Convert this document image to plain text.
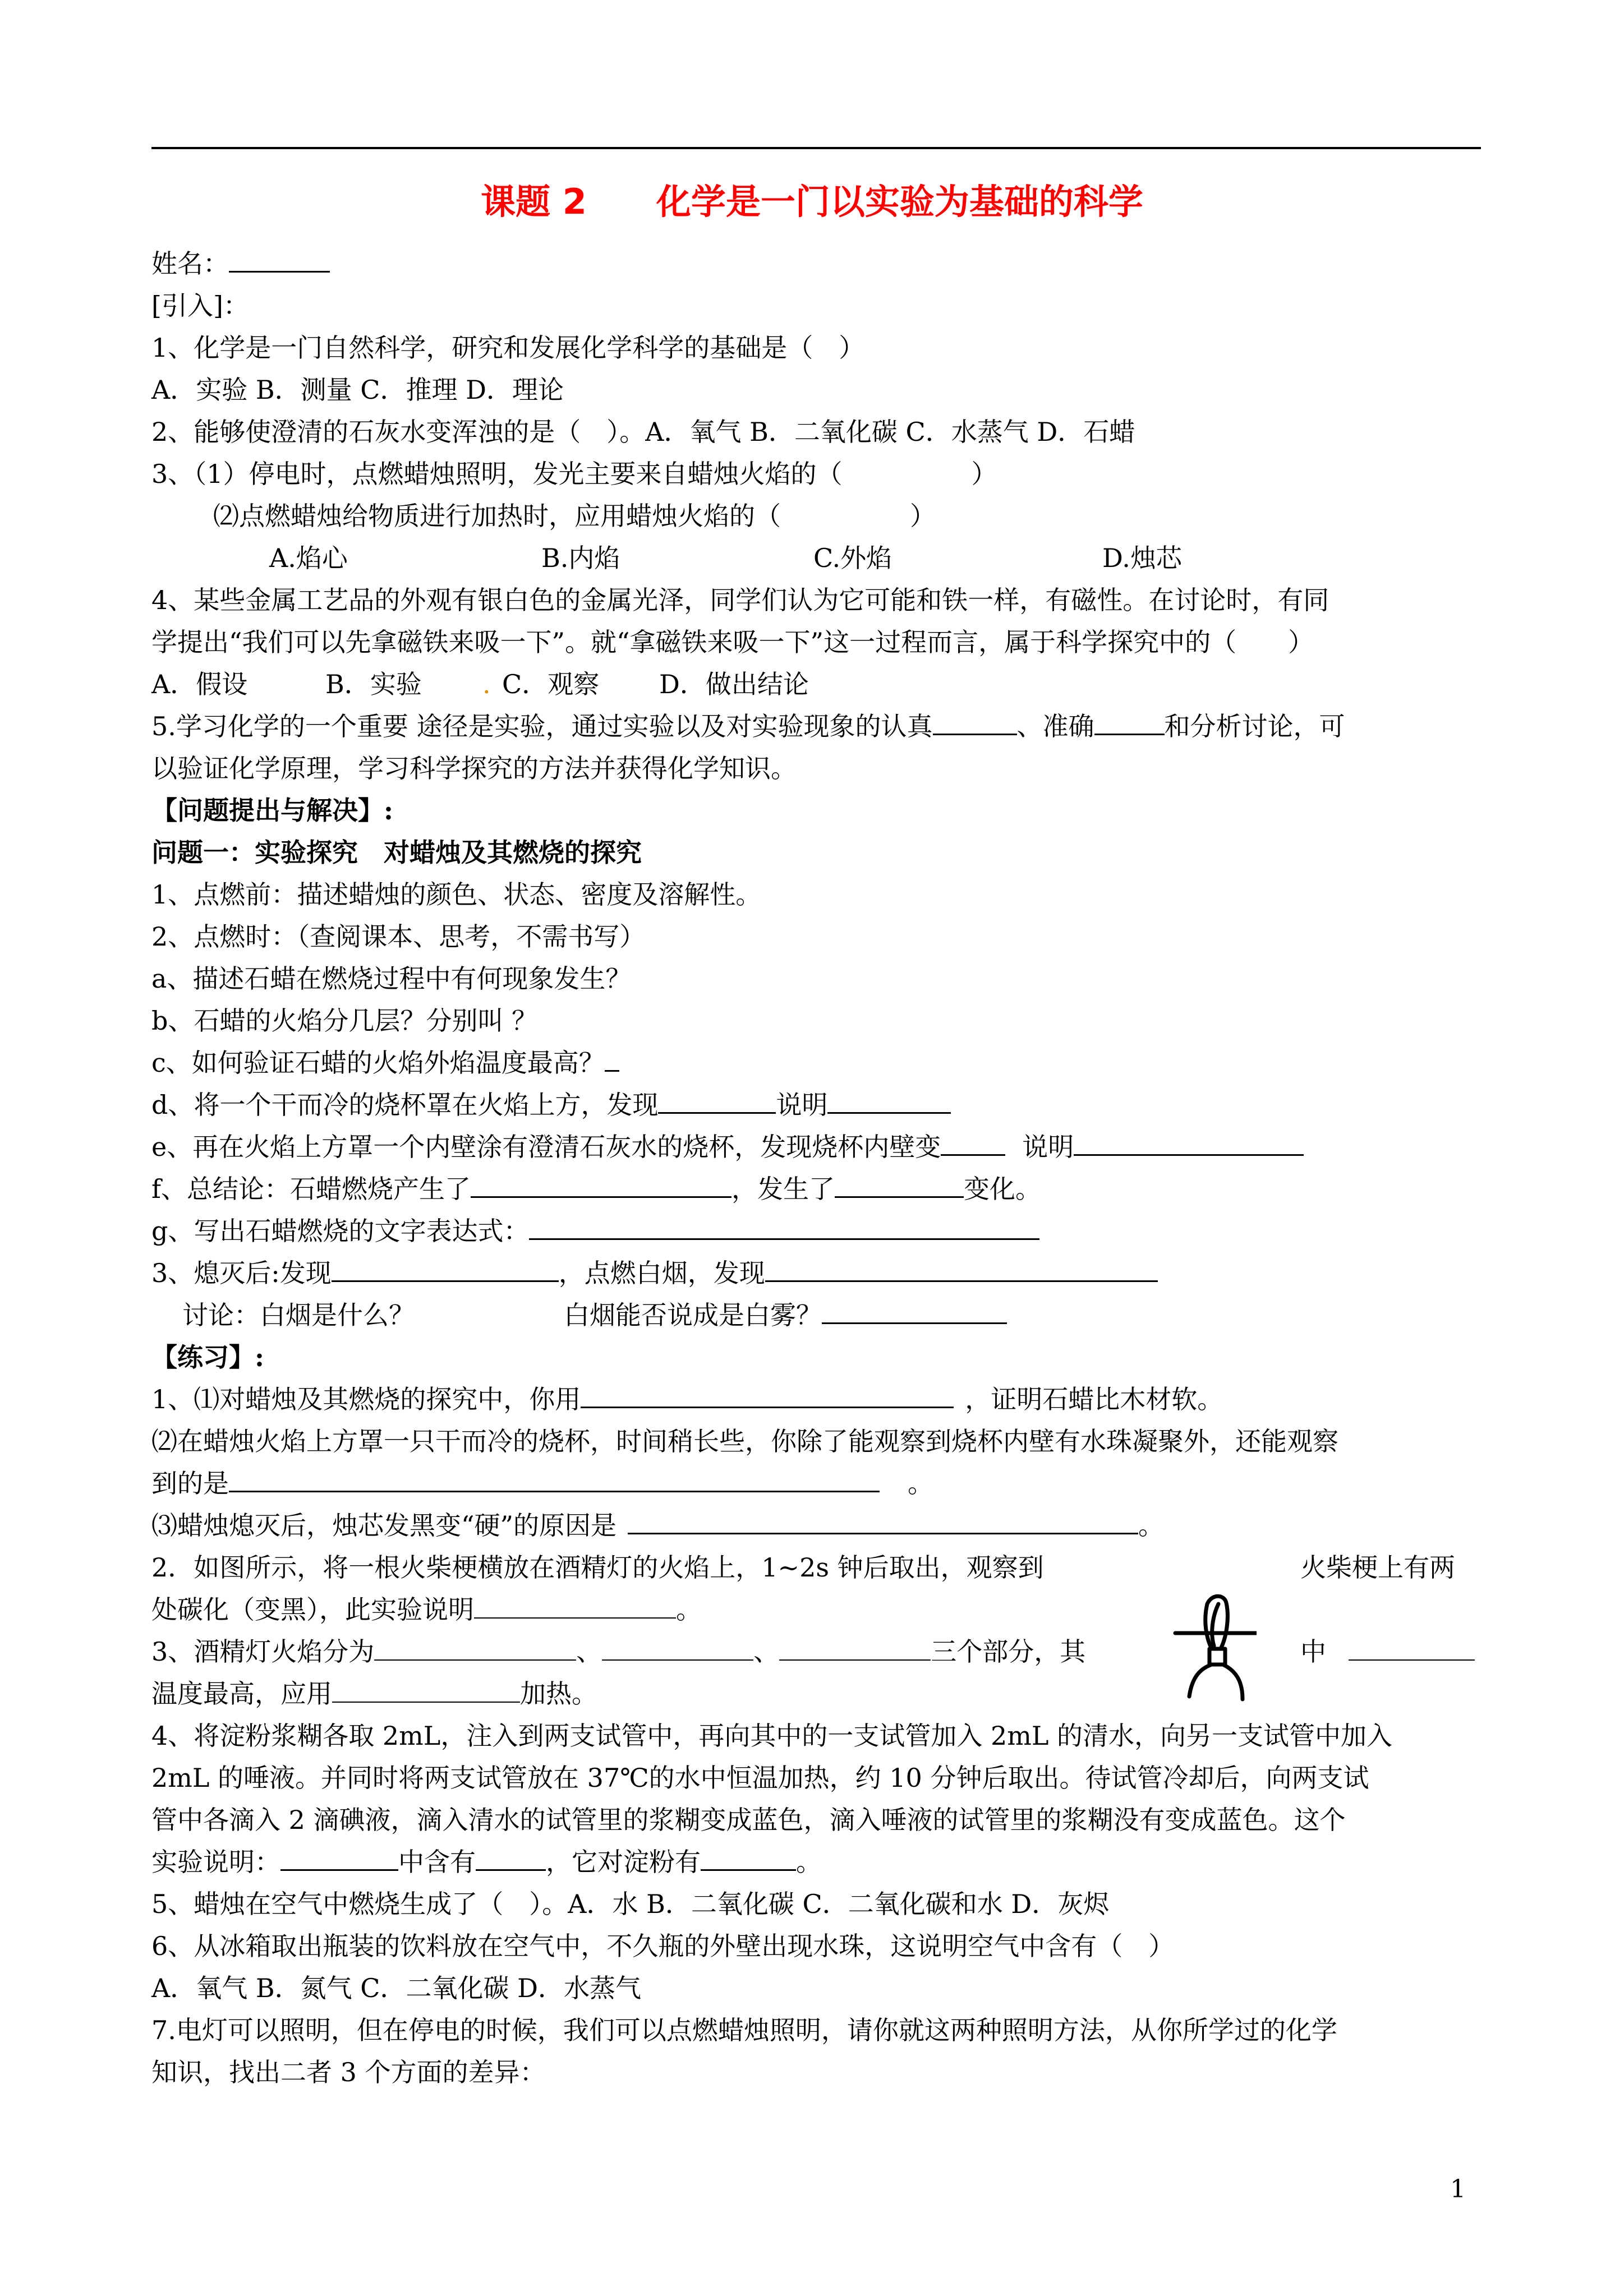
课题 2　　化学是一门以实验为基础的科学
姓名：
[引入]：
1、化学是一门自然科学，研究和发展化学科学的基础是（　）
A．实验 B．测量 C．推理 D．理论
2、能够使澄清的石灰水变浑浊的是（　）。A．氧气 B．二氧化碳 C．水蒸气 D．石蜡
3、（1）停电时，点燃蜡烛照明，发光主要来自蜡烛火焰的（　　　　　）
⑵点燃蜡烛给物质进行加热时，应用蜡烛火焰的（　　　　　）
A.焰心	B.内焰	C.外焰	D.烛芯
4、某些金属工艺品的外观有银白色的金属光泽，同学们认为它可能和铁一样，有磁性。在讨论时，有同
学提出“我们可以先拿磁铁来吸一下”。就“拿磁铁来吸一下”这一过程而言，属于科学探究中的（　　）
A．假设	B．实验 . C．观察 D．做出结论
5.学习化学的一个重要 途径是实验，通过实验以及对实验现象的认真	、准确	和分析讨论，可
以验证化学原理，学习科学探究的方法并获得化学知识。
【问题提出与解决】:
问题一：实验探究　对蜡烛及其燃烧的探究
1、点燃前：描述蜡烛的颜色、状态、密度及溶解性。
2、点燃时：（查阅课本、思考，不需书写）
a、描述石蜡在燃烧过程中有何现象发生？
b、石蜡的火焰分几层？分别叫 ？
c、如何验证石蜡的火焰外焰温度最高？
d、将一个干而冷的烧杯罩在火焰上方，发现	说明
e、再在火焰上方罩一个内壁涂有澄清石灰水的烧杯，发现烧杯内壁变	说明
f、总结论：石蜡燃烧产生了	，发生了	变化。
g、写出石蜡燃烧的文字表达式：
3、熄灭后:发现	，点燃白烟，发现
讨论：白烟是什么？	白烟能否说成是白雾？
【练习】:
1、⑴对蜡烛及其燃烧的探究中，你用	，证明石蜡比木材软。
⑵在蜡烛火焰上方罩一只干而冷的烧杯，时间稍长些，你除了能观察到烧杯内壁有水珠凝聚外，还能观察
到的是	。
⑶蜡烛熄灭后，烛芯发黑变“硬”的原因是	。
2．如图所示，将一根火柴梗横放在酒精灯的火焰上，1~2s 钟后取出，观察到	火柴梗上有两
处碳化（变黑），此实验说明	。
3、酒精灯火焰分为	、	、	三个部分，其	中
温度最高，应用	加热。
4、将淀粉浆糊各取 2mL，注入到两支试管中，再向其中的一支试管加入 2mL 的清水，向另一支试管中加入
2mL 的唾液。并同时将两支试管放在 37℃的水中恒温加热，约 10 分钟后取出。待试管冷却后，向两支试
管中各滴入 2 滴碘液，滴入清水的试管里的浆糊变成蓝色，滴入唾液的试管里的浆糊没有变成蓝色。这个
实验说明：	中含有	，它对淀粉有	。
5、蜡烛在空气中燃烧生成了（　）。A．水 B．二氧化碳 C．二氧化碳和水 D．灰烬
6、从冰箱取出瓶装的饮料放在空气中，不久瓶的外壁出现水珠，这说明空气中含有（　）
A．氧气 B．氮气 C．二氧化碳 D．水蒸气
7.电灯可以照明，但在停电的时候，我们可以点燃蜡烛照明，请你就这两种照明方法，从你所学过的化学
知识，找出二者 3 个方面的差异：
1
